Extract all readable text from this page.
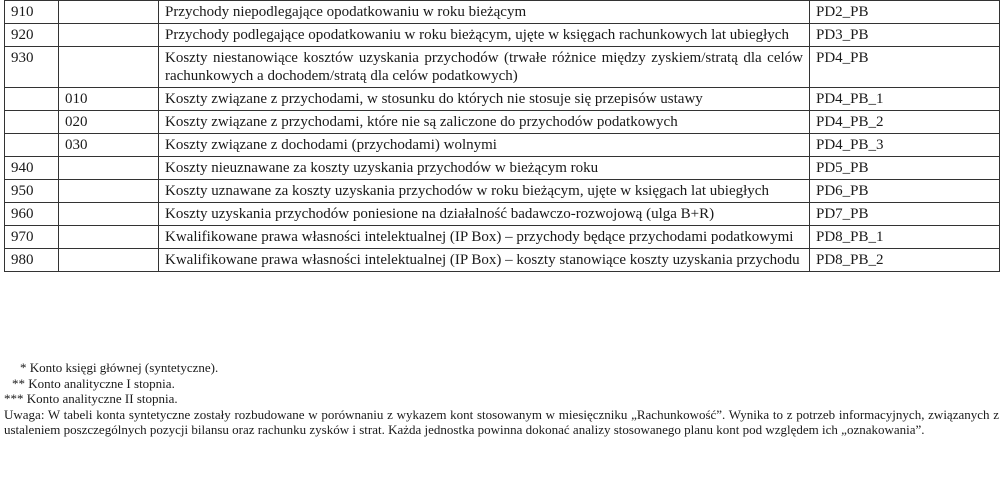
910		Przychody niepodlegające opodatkowaniu w roku bieżącym	PD2_PB
920		Przychody podlegające opodatkowaniu w roku bieżącym, ujęte w księgach rachunkowych lat ubiegłych	PD3_PB
930		Koszty niestanowiące kosztów uzyskania przychodów (trwałe różnice między zyskiem/stratą dla celów rachunkowych a dochodem/stratą dla celów podatkowych)	PD4_PB
	010	Koszty związane z przychodami, w stosunku do których nie stosuje się przepisów ustawy	PD4_PB_1
	020	Koszty związane z przychodami, które nie są zaliczone do przychodów podatkowych	PD4_PB_2
	030	Koszty związane z dochodami (przychodami) wolnymi	PD4_PB_3
940		Koszty nieuznawane za koszty uzyskania przychodów w bieżącym roku	PD5_PB
950		Koszty uznawane za koszty uzyskania przychodów w roku bieżącym, ujęte w księgach lat ubiegłych	PD6_PB
960		Koszty uzyskania przychodów poniesione na działalność badawczo-rozwojową (ulga B+R)	PD7_PB
970		Kwalifikowane prawa własności intelektualnej (IP Box) – przychody będące przychodami podatkowymi	PD8_PB_1
980		Kwalifikowane prawa własności intelektualnej (IP Box) – koszty stanowiące koszty uzyskania przychodu	PD8_PB_2
* Konto księgi głównej (syntetyczne).
** Konto analityczne I stopnia.
*** Konto analityczne II stopnia.
Uwaga: W tabeli konta syntetyczne zostały rozbudowane w porównaniu z wykazem kont stosowanym w miesięczniku „Rachunkowość”. Wynika to z potrzeb informacyjnych, związanych z ustaleniem poszczególnych pozycji bilansu oraz rachunku zysków i strat. Każda jednostka powinna dokonać analizy stosowanego planu kont pod względem ich „oznakowania”.
